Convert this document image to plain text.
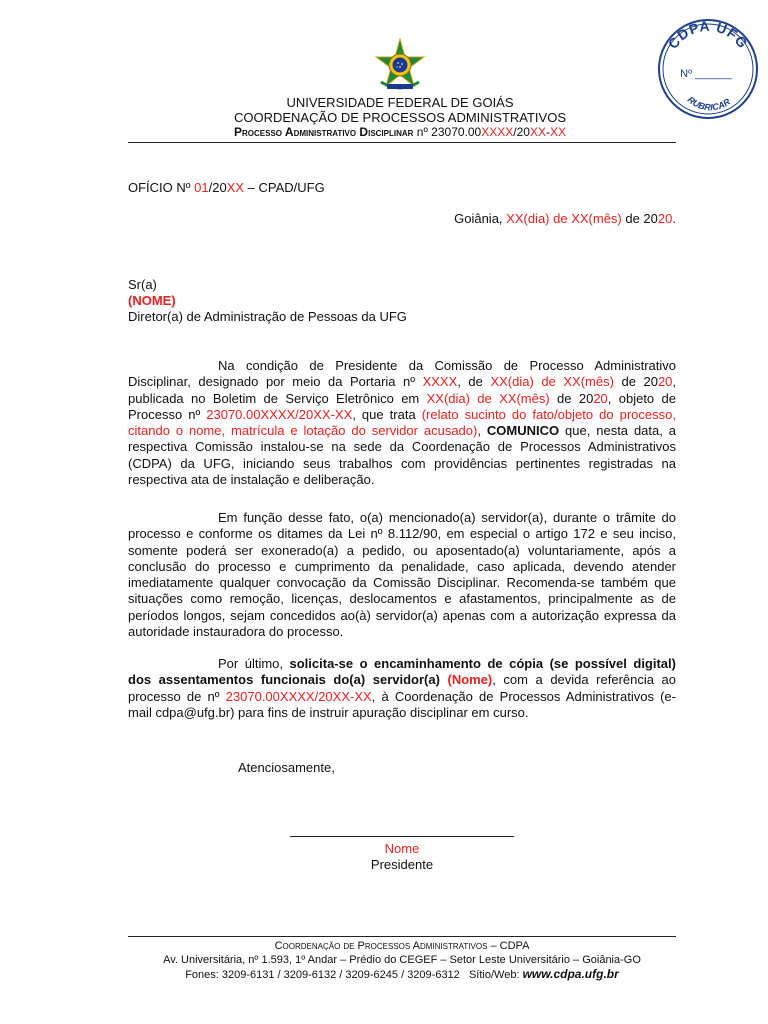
CDPA UFG
Nº ______
RUBRICAR
UNIVERSIDADE FEDERAL DE GOIÁS
COORDENAÇÃO DE PROCESSOS ADMINISTRATIVOS
Processo Administrativo Disciplinar nº 23070.00XXXX/20XX-XX
OFÍCIO Nº 01/20XX – CPAD/UFG
Goiânia, XX(dia) de XX(mês) de 2020.
Sr(a)
(NOME)
Diretor(a) de Administração de Pessoas da UFG
Na condição de Presidente da Comissão de Processo Administrativo Disciplinar, designado por meio da Portaria nº XXXX, de XX(dia) de XX(mês) de 2020, publicada no Boletim de Serviço Eletrônico em XX(dia) de XX(mês) de 2020, objeto de Processo nº 23070.00XXXX/20XX-XX, que trata (relato sucinto do fato/objeto do processo, citando o nome, matrícula e lotação do servidor acusado), COMUNICO que, nesta data, a respectiva Comissão instalou-se na sede da Coordenação de Processos Administrativos (CDPA) da UFG, iniciando seus trabalhos com providências pertinentes registradas na respectiva ata de instalação e deliberação.
Em função desse fato, o(a) mencionado(a) servidor(a), durante o trâmite do processo e conforme os ditames da Lei nº 8.112/90, em especial o artigo 172 e seu inciso, somente poderá ser exonerado(a) a pedido, ou aposentado(a) voluntariamente, após a conclusão do processo e cumprimento da penalidade, caso aplicada, devendo atender imediatamente qualquer convocação da Comissão Disciplinar. Recomenda-se também que situações como remoção, licenças, deslocamentos e afastamentos, principalmente as de períodos longos, sejam concedidos ao(à) servidor(a) apenas com a autorização expressa da autoridade instauradora do processo.
Por último, solicita-se o encaminhamento de cópia (se possível digital) dos assentamentos funcionais do(a) servidor(a) (Nome), com a devida referência ao processo de nº 23070.00XXXX/20XX-XX, à Coordenação de Processos Administrativos (e-mail cdpa@ufg.br) para fins de instruir apuração disciplinar em curso.
Atenciosamente,
Nome
Presidente
Coordenação de Processos Administrativos – CDPA
Av. Universitária, nº 1.593, 1º Andar – Prédio do CEGEF – Setor Leste Universitário – Goiânia-GO
Fones: 3209-6131 / 3209-6132 / 3209-6245 / 3209-6312 Sítio/Web: www.cdpa.ufg.br
